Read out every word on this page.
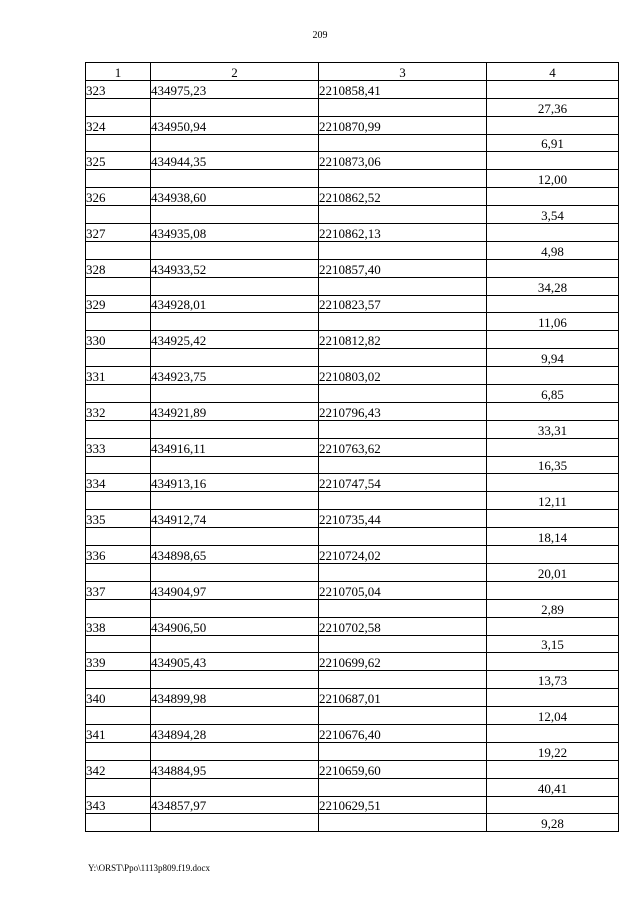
209
1	2	3	4
323	434975,23	2210858,41	
			27,36
324	434950,94	2210870,99	
			6,91
325	434944,35	2210873,06	
			12,00
326	434938,60	2210862,52	
			3,54
327	434935,08	2210862,13	
			4,98
328	434933,52	2210857,40	
			34,28
329	434928,01	2210823,57	
			11,06
330	434925,42	2210812,82	
			9,94
331	434923,75	2210803,02	
			6,85
332	434921,89	2210796,43	
			33,31
333	434916,11	2210763,62	
			16,35
334	434913,16	2210747,54	
			12,11
335	434912,74	2210735,44	
			18,14
336	434898,65	2210724,02	
			20,01
337	434904,97	2210705,04	
			2,89
338	434906,50	2210702,58	
			3,15
339	434905,43	2210699,62	
			13,73
340	434899,98	2210687,01	
			12,04
341	434894,28	2210676,40	
			19,22
342	434884,95	2210659,60	
			40,41
343	434857,97	2210629,51	
			9,28
Y:\ORST\Ppo\1113p809.f19.docx
